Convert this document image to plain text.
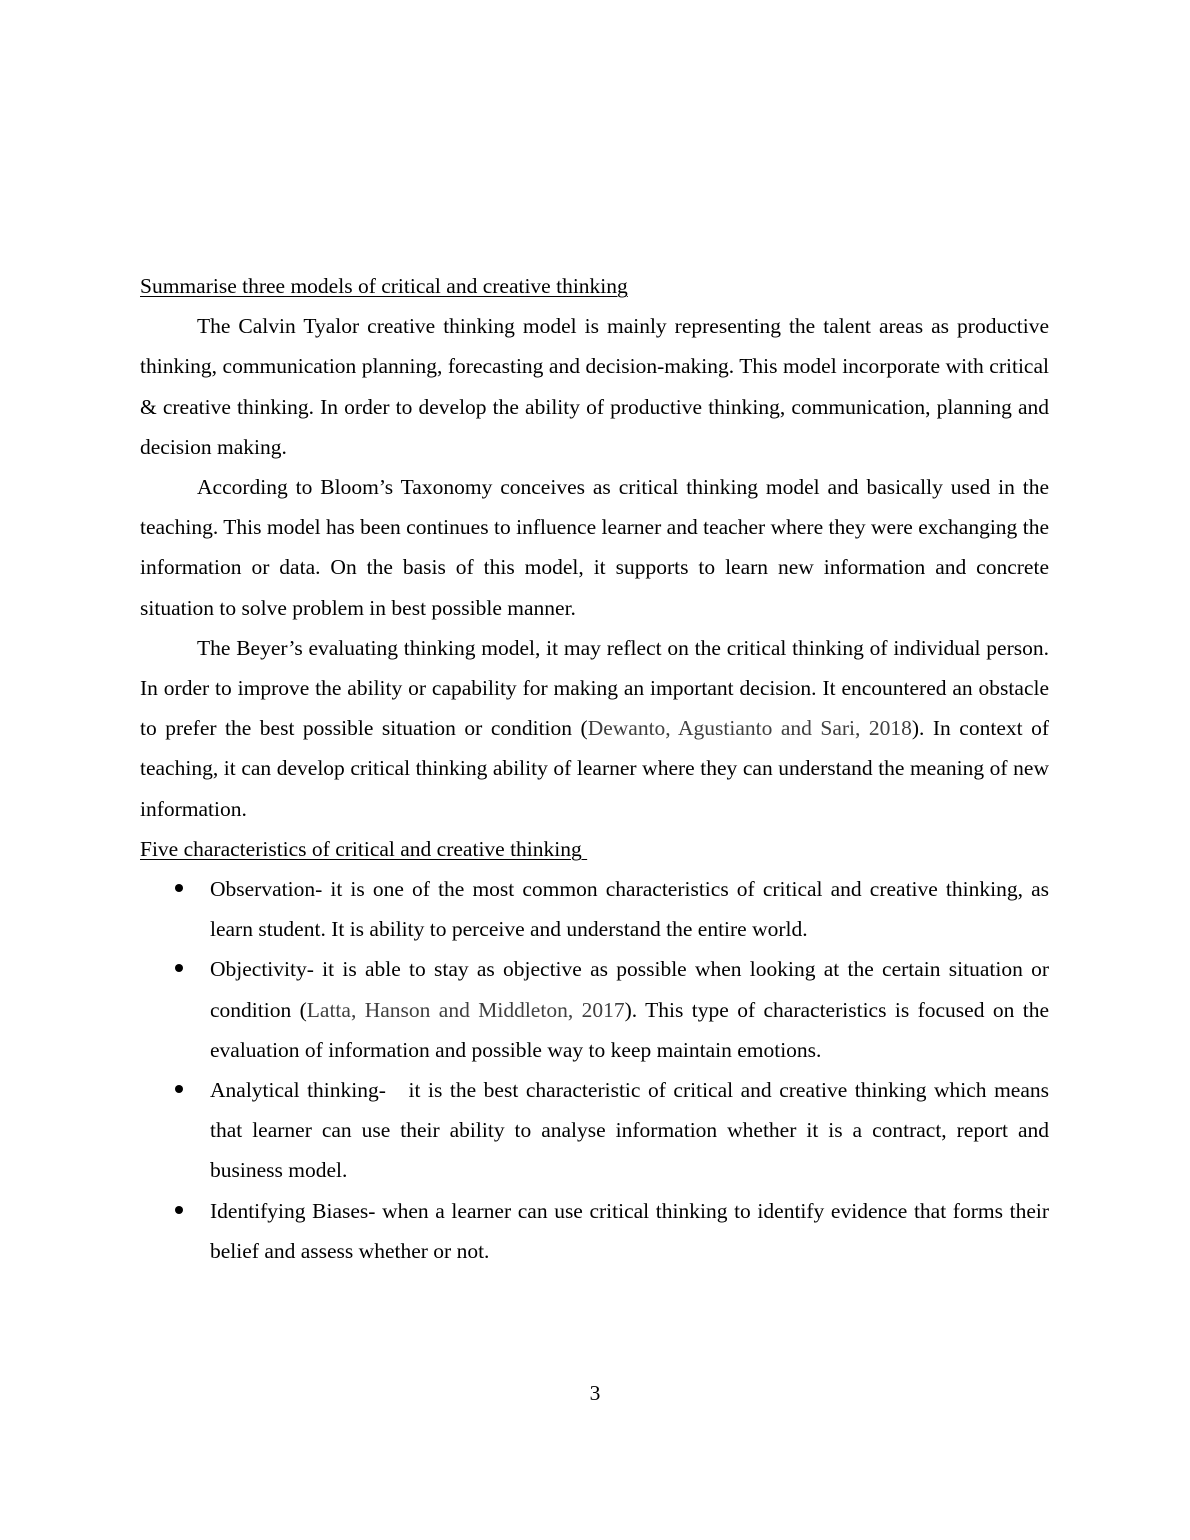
Summarise three models of critical and creative thinking

The Calvin Tyalor creative thinking model is mainly representing the talent areas as productive thinking, communication planning, forecasting and decision-making. This model incorporate with critical & creative thinking. In order to develop the ability of productive thinking, communication, planning and decision making.

According to Bloom’s Taxonomy conceives as critical thinking model and basically used in the teaching. This model has been continues to influence learner and teacher where they were exchanging the information or data. On the basis of this model, it supports to learn new information and concrete situation to solve problem in best possible manner.

The Beyer’s evaluating thinking model, it may reflect on the critical thinking of individual person. In order to improve the ability or capability for making an important decision. It encountered an obstacle to prefer the best possible situation or condition (Dewanto, Agustianto and Sari, 2018). In context of teaching, it can develop critical thinking ability of learner where they can understand the meaning of new information.

Five characteristics of critical and creative thinking
Observation- it is one of the most common characteristics of critical and creative thinking, as learn student. It is ability to perceive and understand the entire world.
Objectivity- it is able to stay as objective as possible when looking at the certain situation or condition (Latta, Hanson and Middleton, 2017). This type of characteristics is focused on the evaluation of information and possible way to keep maintain emotions.
Analytical thinking-   it is the best characteristic of critical and creative thinking which means that learner can use their ability to analyse information whether it is a contract, report and business model.
Identifying Biases- when a learner can use critical thinking to identify evidence that forms their belief and assess whether or not.
3
